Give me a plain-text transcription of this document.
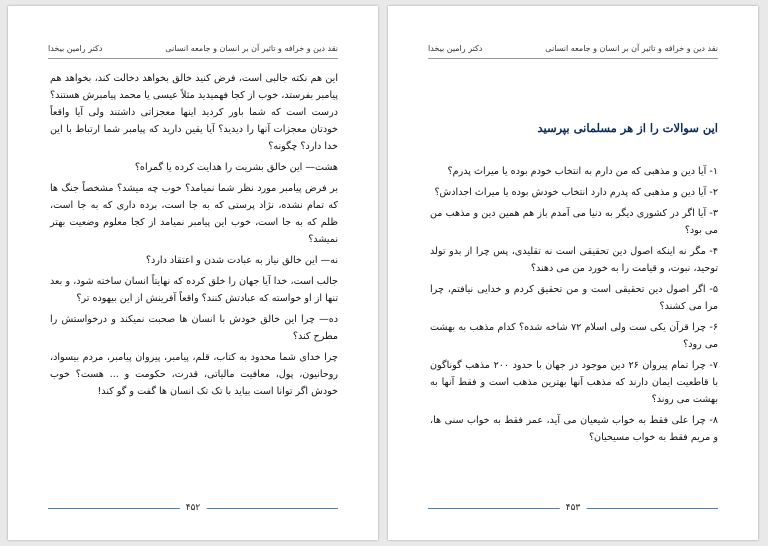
نقد دین و خرافه و تاثیر آن بر انسان و جامعه انسانی
دکتر رامین بیخدا

این هم نکته جالبی است، فرض کنید خالق بخواهد دخالت کند، بخواهد هم پیامبر بفرستد، خوب از کجا فهمیدید مثلاً عیسی یا محمد پیامبرش هستند؟ درست است که شما باور کردید اینها معجزاتی داشتند ولی آیا واقعاً خودتان معجزات آنها را دیدید؟ آیا یقین دارید که پیامبر شما ارتباط با این خدا دارد؟ چگونه؟

هشت— این خالق بشریت را هدایت کرده یا گمراه؟

بر فرض پیامبر مورد نظر شما نمیامد؟ خوب چه میشد؟ مشخصاً جنگ ها که تمام نشده، نژاد پرستی که به جا است، برده داری که به جا است، ظلم که به جا است، خوب این پیامبر نمیامد از کجا معلوم وضعیت بهتر نمیشد؟

نه— این خالق نیاز به عبادت شدن و اعتقاد دارد؟

جالب است، خدا آیا جهان را خلق کرده که نهایتاً انسان ساخته شود، و بعد تنها از او خواسته که عبادتش کنند؟ واقعاً آفرینش از این بیهوده تر؟

ده— چرا این خالق خودش با انسان ها صحبت نمیکند و درخواستش را مطرح کند؟

چرا خدای شما محدود به کتاب، قلم، پیامبر، پیروان پیامبر، مردم بیسواد، روحانیون، پول، معافیت مالیاتی، قدرت، حکومت و ... هست؟ خوب خودش اگر توانا است بیاید با تک تک انسان ها گفت و گو کند!

۴۵۲
نقد دین و خرافه و تاثیر آن بر انسان و جامعه انسانی
دکتر رامین بیخدا
این سوالات را از هر مسلمانی بپرسید

۱- آیا دین و مذهبی که من دارم به انتخاب خودم بوده یا میراث پدرم؟

۲- آیا دین و مذهبی که پدرم دارد انتخاب خودش بوده یا میراث اجدادش؟

۳- آیا اگر در کشوری دیگر به دنیا می آمدم باز هم همین دین و مذهب من می بود؟

۴- مگر نه اینکه اصول دین تحقیقی است نه تقلیدی، پس چرا از بدو تولد توحید، نبوت، و قیامت را به خورد من می دهند؟

۵- اگر اصول دین تحقیقی است و من تحقیق کردم و خدایی نیافتم، چرا مرا می کشند؟

۶- چرا قرآن یکی ست ولی اسلام ۷۲ شاخه شده؟ کدام مذهب به بهشت می رود؟

۷- چرا تمام پیروان ۲۶ دین موجود در جهان با حدود ۲۰۰ مذهب گوناگون با قاطعیت ایمان دارند که مذهب آنها بهترین مذهب است و فقط آنها به بهشت می روند؟

۸- چرا علی فقط به خواب شیعیان می آید، عمر فقط به خواب سنی ها، و مریم فقط به خواب مسیحیان؟

۴۵۳
